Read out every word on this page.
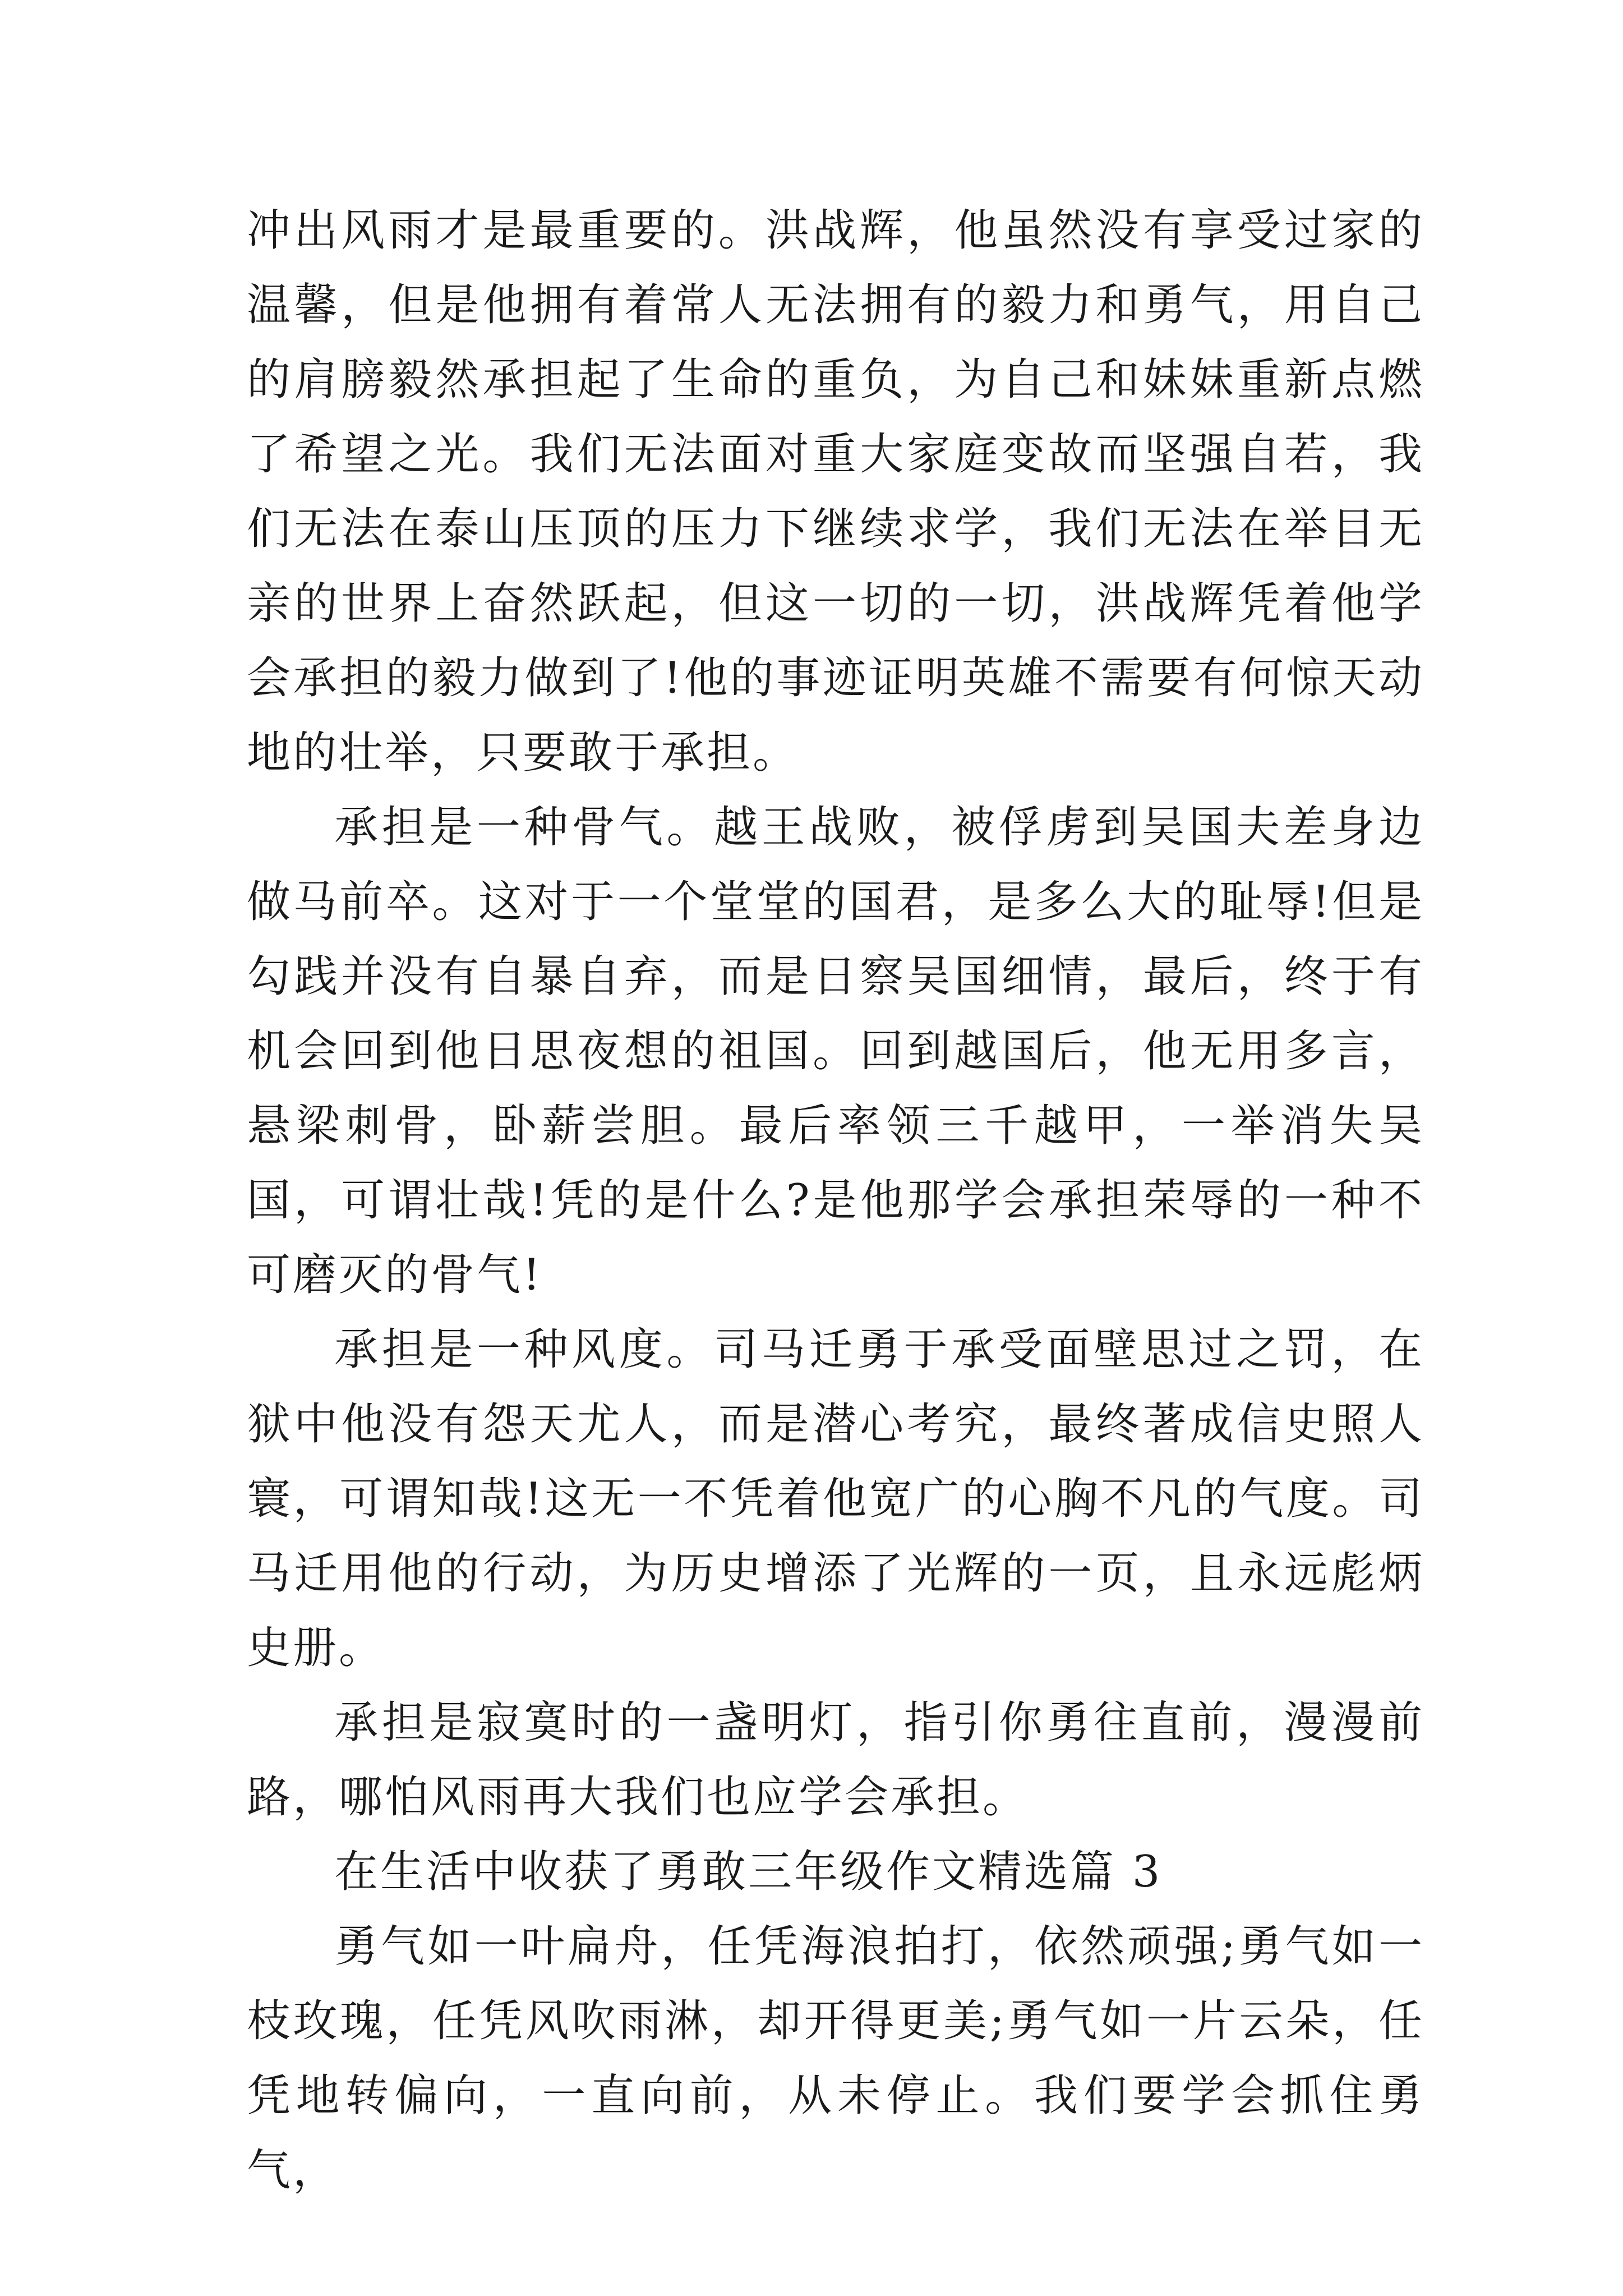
冲出风雨才是最重要的。洪战辉，他虽然没有享受过家的温馨，但是他拥有着常人无法拥有的毅力和勇气，用自己的肩膀毅然承担起了生命的重负，为自己和妹妹重新点燃了希望之光。我们无法面对重大家庭变故而坚强自若，我们无法在泰山压顶的压力下继续求学，我们无法在举目无亲的世界上奋然跃起，但这一切的一切，洪战辉凭着他学会承担的毅力做到了!他的事迹证明英雄不需要有何惊天动地的壮举，只要敢于承担。

承担是一种骨气。越王战败，被俘虏到吴国夫差身边做马前卒。这对于一个堂堂的国君，是多么大的耻辱!但是勾践并没有自暴自弃，而是日察吴国细情，最后，终于有机会回到他日思夜想的祖国。回到越国后，他无用多言，悬梁刺骨，卧薪尝胆。最后率领三千越甲，一举消失吴国，可谓壮哉!凭的是什么?是他那学会承担荣辱的一种不可磨灭的骨气!

承担是一种风度。司马迁勇于承受面壁思过之罚，在狱中他没有怨天尤人，而是潜心考究，最终著成信史照人寰，可谓知哉!这无一不凭着他宽广的心胸不凡的气度。司马迁用他的行动，为历史增添了光辉的一页，且永远彪炳史册。

承担是寂寞时的一盏明灯，指引你勇往直前，漫漫前路，哪怕风雨再大我们也应学会承担。

在生活中收获了勇敢三年级作文精选篇 3

勇气如一叶扁舟，任凭海浪拍打，依然顽强;勇气如一枝玫瑰，任凭风吹雨淋，却开得更美;勇气如一片云朵，任凭地转偏向，一直向前，从未停止。我们要学会抓住勇气，
